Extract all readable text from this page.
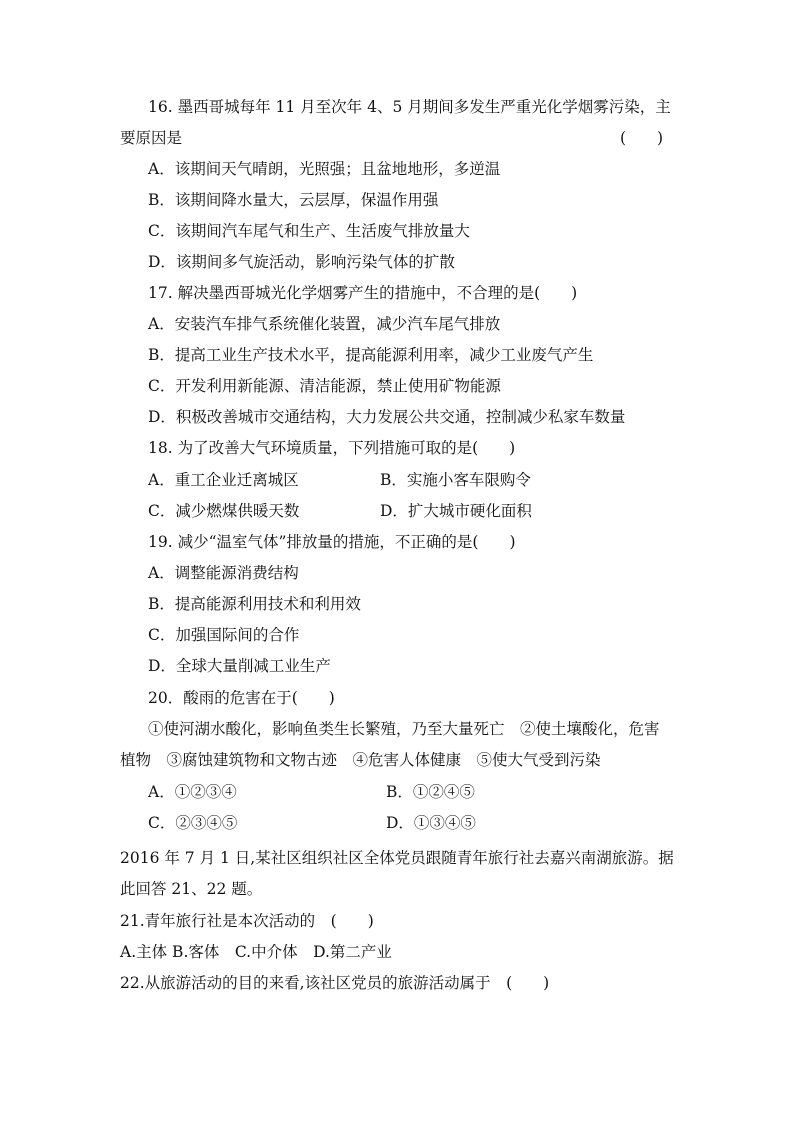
16. 墨西哥城每年 11 月至次年 4、5 月期间多发生严重光化学烟雾污染，主
要原因是	(　　)
A．该期间天气晴朗，光照强；且盆地地形，多逆温
B．该期间降水量大，云层厚，保温作用强
C．该期间汽车尾气和生产、生活废气排放量大
D．该期间多气旋活动，影响污染气体的扩散
17. 解决墨西哥城光化学烟雾产生的措施中，不合理的是(　　)
A．安装汽车排气系统催化装置，减少汽车尾气排放
B．提高工业生产技术水平，提高能源利用率，减少工业废气产生
C．开发利用新能源、清洁能源，禁止使用矿物能源
D．积极改善城市交通结构，大力发展公共交通，控制减少私家车数量
18. 为了改善大气环境质量，下列措施可取的是(　　)
A．重工企业迁离城区	B．实施小客车限购令
C．减少燃煤供暖天数	D．扩大城市硬化面积
19. 减少“温室气体”排放量的措施，不正确的是(　　)
A．调整能源消费结构
B．提高能源利用技术和利用效
C．加强国际间的合作
D．全球大量削减工业生产
20．酸雨的危害在于(　　)
①使河湖水酸化，影响鱼类生长繁殖，乃至大量死亡　②使土壤酸化，危害
植物　③腐蚀建筑物和文物古迹　④危害人体健康　⑤使大气受到污染
A．①②③④	B．①②④⑤
C．②③④⑤	D．①③④⑤
2016 年 7 月 1 日,某社区组织社区全体党员跟随青年旅行社去嘉兴南湖旅游。据
此回答 21、22 题。
21.青年旅行社是本次活动的　(　　)
A.主体 B.客体　C.中介体　D.第二产业
22.从旅游活动的目的来看,该社区党员的旅游活动属于　(　　)
